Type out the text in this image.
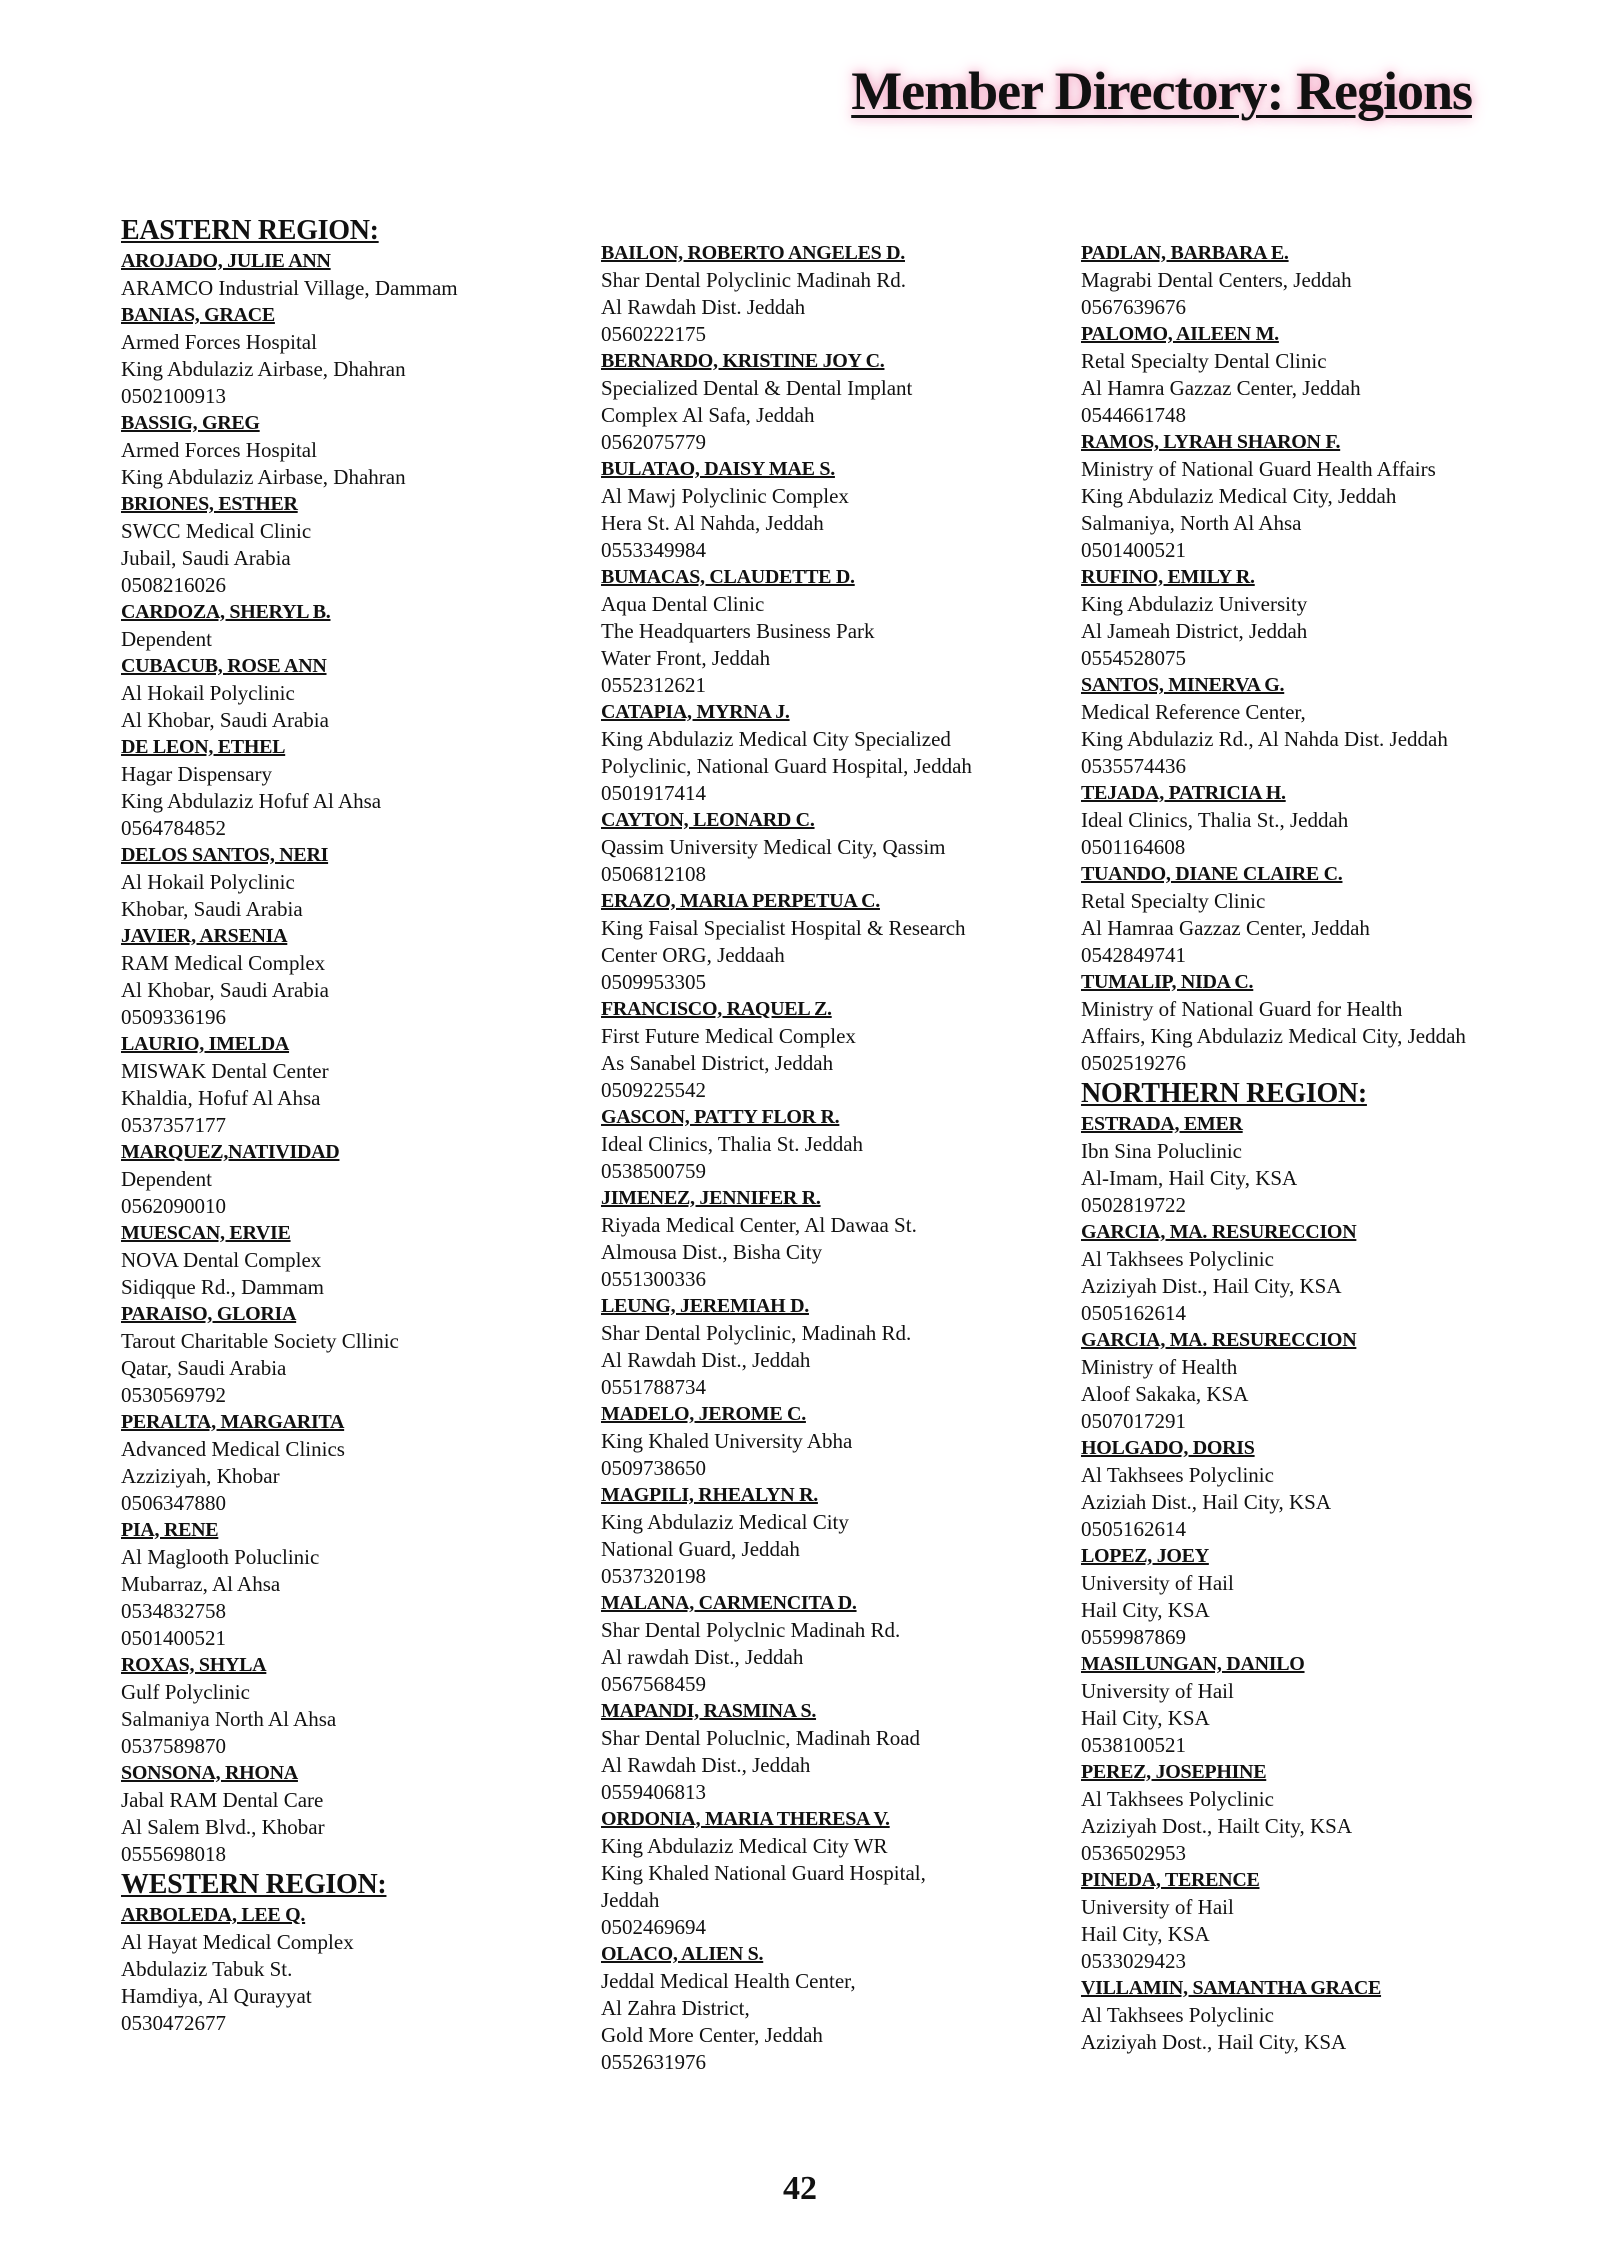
Member Directory: Regions
EASTERN REGION:
AROJADO, JULIE ANN
ARAMCO Industrial Village, Dammam
BANIAS, GRACE
Armed Forces Hospital
King Abdulaziz Airbase, Dhahran
0502100913
BASSIG, GREG
Armed Forces Hospital
King Abdulaziz Airbase, Dhahran
BRIONES, ESTHER
SWCC Medical Clinic
Jubail, Saudi Arabia
0508216026
CARDOZA, SHERYL B.
Dependent
CUBACUB, ROSE ANN
Al Hokail Polyclinic
Al Khobar, Saudi Arabia
DE LEON, ETHEL
Hagar Dispensary
King Abdulaziz Hofuf Al Ahsa
0564784852
DELOS SANTOS, NERI
Al Hokail Polyclinic
Khobar, Saudi Arabia
JAVIER, ARSENIA
RAM Medical Complex
Al Khobar, Saudi Arabia
0509336196
LAURIO, IMELDA
MISWAK Dental Center
Khaldia, Hofuf Al Ahsa
0537357177
MARQUEZ,NATIVIDAD
Dependent
0562090010
MUESCAN, ERVIE
NOVA Dental Complex
Sidiqque Rd., Dammam
PARAISO, GLORIA
Tarout Charitable Society Cllinic
Qatar, Saudi Arabia
0530569792
PERALTA, MARGARITA
Advanced Medical Clinics
Azziziyah, Khobar
0506347880
PIA, RENE
Al Maglooth Poluclinic
Mubarraz, Al Ahsa
0534832758
0501400521
ROXAS, SHYLA
Gulf Polyclinic
Salmaniya North Al Ahsa
0537589870
SONSONA, RHONA
Jabal RAM Dental Care
Al Salem Blvd., Khobar
0555698018
WESTERN REGION:
ARBOLEDA, LEE Q.
Al Hayat Medical Complex
Abdulaziz Tabuk St.
Hamdiya, Al Qurayyat
0530472677
BAILON, ROBERTO ANGELES D.
Shar Dental Polyclinic Madinah Rd.
Al Rawdah Dist. Jeddah
0560222175
BERNARDO, KRISTINE JOY C.
Specialized Dental & Dental Implant
Complex Al Safa, Jeddah
0562075779
BULATAO, DAISY MAE S.
Al Mawj Polyclinic Complex
Hera St. Al Nahda, Jeddah
0553349984
BUMACAS, CLAUDETTE D.
Aqua Dental Clinic
The Headquarters Business Park
Water Front, Jeddah
0552312621
CATAPIA, MYRNA J.
King Abdulaziz Medical City Specialized
Polyclinic, National Guard Hospital, Jeddah
0501917414
CAYTON, LEONARD C.
Qassim University Medical City, Qassim
0506812108
ERAZO, MARIA PERPETUA C.
King Faisal Specialist Hospital & Research
Center ORG, Jeddaah
0509953305
FRANCISCO, RAQUEL Z.
First Future Medical Complex
As Sanabel District, Jeddah
0509225542
GASCON, PATTY FLOR R.
Ideal Clinics, Thalia St. Jeddah
0538500759
JIMENEZ, JENNIFER R.
Riyada Medical Center, Al Dawaa St.
Almousa Dist., Bisha City
0551300336
LEUNG, JEREMIAH D.
Shar Dental Polyclinic, Madinah Rd.
Al Rawdah Dist., Jeddah
0551788734
MADELO, JEROME C.
King Khaled University Abha
0509738650
MAGPILI, RHEALYN R.
King Abdulaziz Medical City
National Guard, Jeddah
0537320198
MALANA, CARMENCITA D.
Shar Dental Polyclnic Madinah Rd.
Al rawdah Dist., Jeddah
0567568459
MAPANDI, RASMINA S.
Shar Dental Poluclnic, Madinah Road
Al Rawdah Dist., Jeddah
0559406813
ORDONIA, MARIA THERESA V.
King Abdulaziz Medical City WR
King Khaled National Guard Hospital,
Jeddah
0502469694
OLACO, ALIEN S.
Jeddal Medical Health Center,
Al Zahra District,
Gold More Center, Jeddah
0552631976
PADLAN, BARBARA E.
Magrabi Dental Centers, Jeddah
0567639676
PALOMO, AILEEN M.
Retal Specialty Dental Clinic
Al Hamra Gazzaz Center, Jeddah
0544661748
RAMOS, LYRAH SHARON F.
Ministry of National Guard Health Affairs
King Abdulaziz Medical City, Jeddah
Salmaniya, North Al Ahsa
0501400521
RUFINO, EMILY R.
King Abdulaziz University
Al Jameah District, Jeddah
0554528075
SANTOS, MINERVA G.
Medical Reference Center,
King Abdulaziz Rd., Al Nahda Dist. Jeddah
0535574436
TEJADA, PATRICIA H.
Ideal Clinics, Thalia St., Jeddah
0501164608
TUANDO, DIANE CLAIRE C.
Retal Specialty Clinic
Al Hamraa Gazzaz Center, Jeddah
0542849741
TUMALIP, NIDA C.
Ministry of National Guard for Health
Affairs, King Abdulaziz Medical City, Jeddah
0502519276
NORTHERN REGION:
ESTRADA, EMER
Ibn Sina Poluclinic
Al-Imam, Hail City, KSA
0502819722
GARCIA, MA. RESURECCION
Al Takhsees Polyclinic
Aziziyah Dist., Hail City, KSA
0505162614
GARCIA, MA. RESURECCION
Ministry of Health
Aloof Sakaka, KSA
0507017291
HOLGADO, DORIS
Al Takhsees Polyclinic
Aziziah Dist., Hail City, KSA
0505162614
LOPEZ, JOEY
University of Hail
Hail City, KSA
0559987869
MASILUNGAN, DANILO
University of Hail
Hail City, KSA
0538100521
PEREZ, JOSEPHINE
Al Takhsees Polyclinic
Aziziyah Dost., Hailt City, KSA
0536502953
PINEDA, TERENCE
University of Hail
Hail City, KSA
0533029423
VILLAMIN, SAMANTHA GRACE
Al Takhsees Polyclinic
Aziziyah Dost., Hail City, KSA
42
